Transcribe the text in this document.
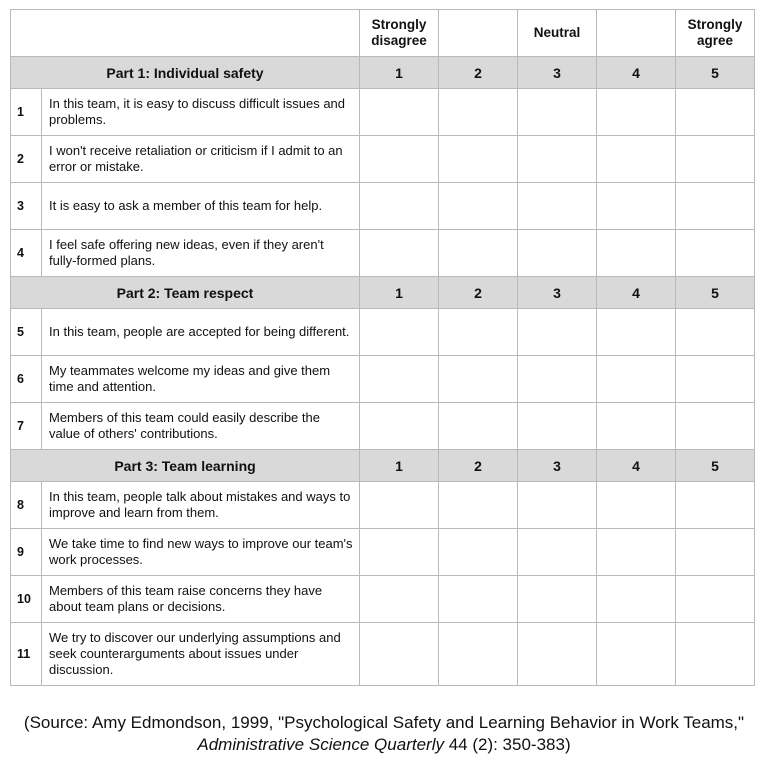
		Strongly disagree		Neutral		Strongly agree
Part 1: Individual safety		1	2	3	4	5
1	In this team, it is easy to discuss difficult issues and problems.					
2	I won't receive retaliation or criticism if I admit to an error or mistake.					
3	It is easy to ask a member of this team for help.					
4	I feel safe offering new ideas, even if they aren't fully-formed plans.					
Part 2: Team respect		1	2	3	4	5
5	In this team, people are accepted for being different.					
6	My teammates welcome my ideas and give them time and attention.					
7	Members of this team could easily describe the value of others' contributions.					
Part 3: Team learning		1	2	3	4	5
8	In this team, people talk about mistakes and ways to improve and learn from them.					
9	We take time to find new ways to improve our team's work processes.					
10	Members of this team raise concerns they have about team plans or decisions.					
11	We try to discover our underlying assumptions and seek counterarguments about issues under discussion.					
(Source: Amy Edmondson, 1999, "Psychological Safety and Learning Behavior in Work Teams," Administrative Science Quarterly 44 (2): 350-383)
